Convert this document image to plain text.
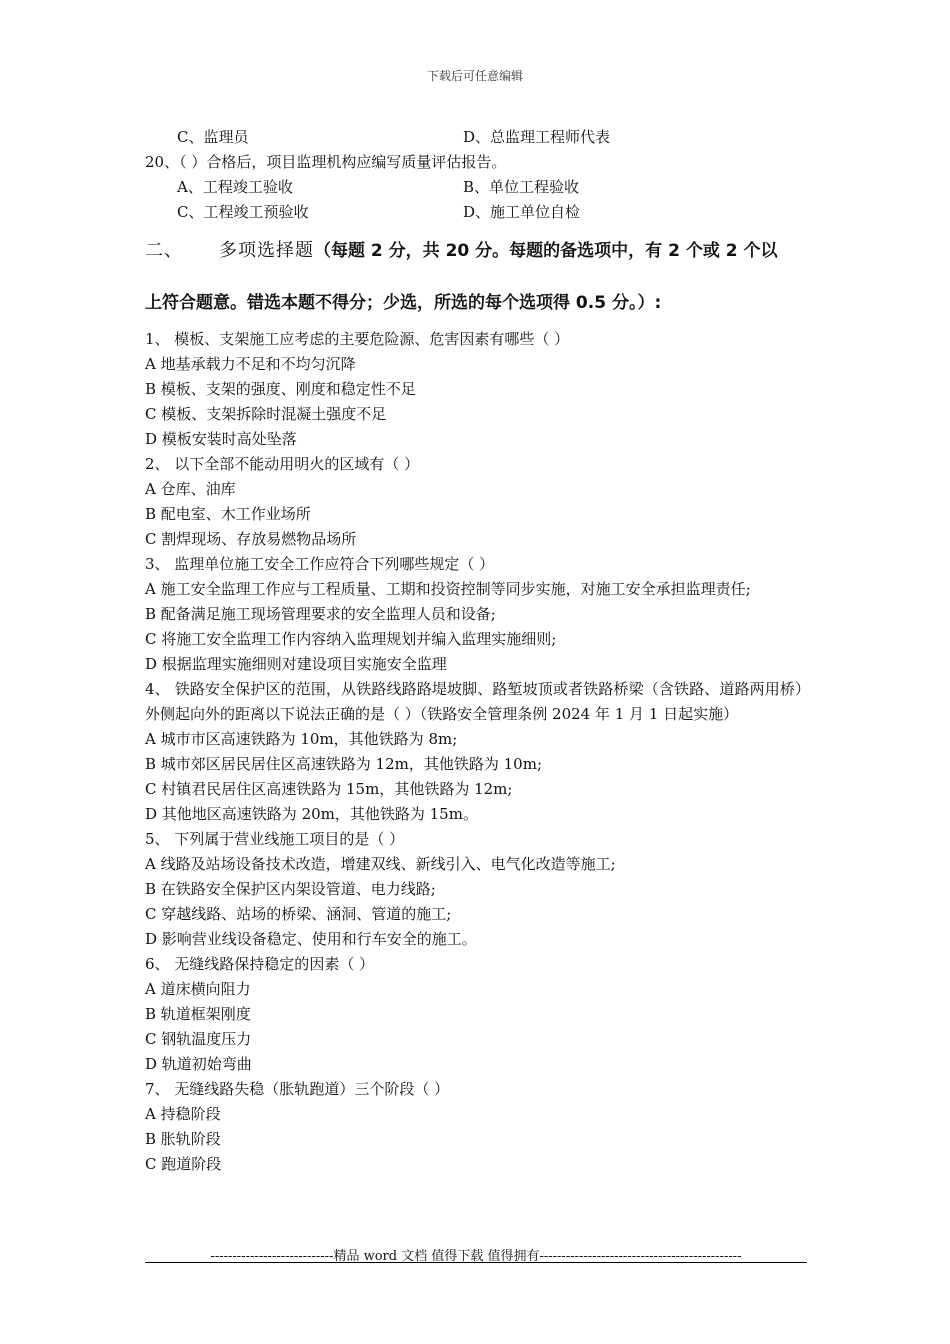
下载后可任意编辑
C、监理员	D、总监理工程师代表
20、（ ）合格后，项目监理机构应编写质量评估报告。
A、工程竣工验收	B、单位工程验收
C、工程竣工预验收	D、施工单位自检
二、 多项选择题（每题 2 分，共 20 分。每题的备选项中，有 2 个或 2 个以
上符合题意。错选本题不得分；少选，所选的每个选项得 0.5 分。）:
1、 模板、支架施工应考虑的主要危险源、危害因素有哪些（ ）
A 地基承载力不足和不均匀沉降
B 模板、支架的强度、刚度和稳定性不足
C 模板、支架拆除时混凝土强度不足
D 模板安装时高处坠落
2、 以下全部不能动用明火的区域有（ ）
A 仓库、油库
B 配电室、木工作业场所
C 割焊现场、存放易燃物品场所
3、 监理单位施工安全工作应符合下列哪些规定（ ）
A 施工安全监理工作应与工程质量、工期和投资控制等同步实施，对施工安全承担监理责任;
B 配备满足施工现场管理要求的安全监理人员和设备;
C 将施工安全监理工作内容纳入监理规划并编入监理实施细则;
D 根据监理实施细则对建设项目实施安全监理
4、 铁路安全保护区的范围，从铁路线路路堤坡脚、路堑坡顶或者铁路桥梁（含铁路、道路两用桥）外侧起向外的距离以下说法正确的是（ ）（铁路安全管理条例 2024 年 1 月 1 日起实施）
A 城市市区高速铁路为 10m，其他铁路为 8m;
B 城市郊区居民居住区高速铁路为 12m，其他铁路为 10m;
C 村镇君民居住区高速铁路为 15m，其他铁路为 12m;
D 其他地区高速铁路为 20m，其他铁路为 15m。
5、 下列属于营业线施工项目的是（ ）
A 线路及站场设备技术改造，增建双线、新线引入、电气化改造等施工;
B 在铁路安全保护区内架设管道、电力线路;
C 穿越线路、站场的桥梁、涵洞、管道的施工;
D 影响营业线设备稳定、使用和行车安全的施工。
6、 无缝线路保持稳定的因素（ ）
A 道床横向阻力
B 轨道框架刚度
C 钢轨温度压力
D 轨道初始弯曲
7、 无缝线路失稳（胀轨跑道）三个阶段（ ）
A 持稳阶段
B 胀轨阶段
C 跑道阶段
----------------------------精品 word 文档 值得下载 值得拥有----------------------------------------------
